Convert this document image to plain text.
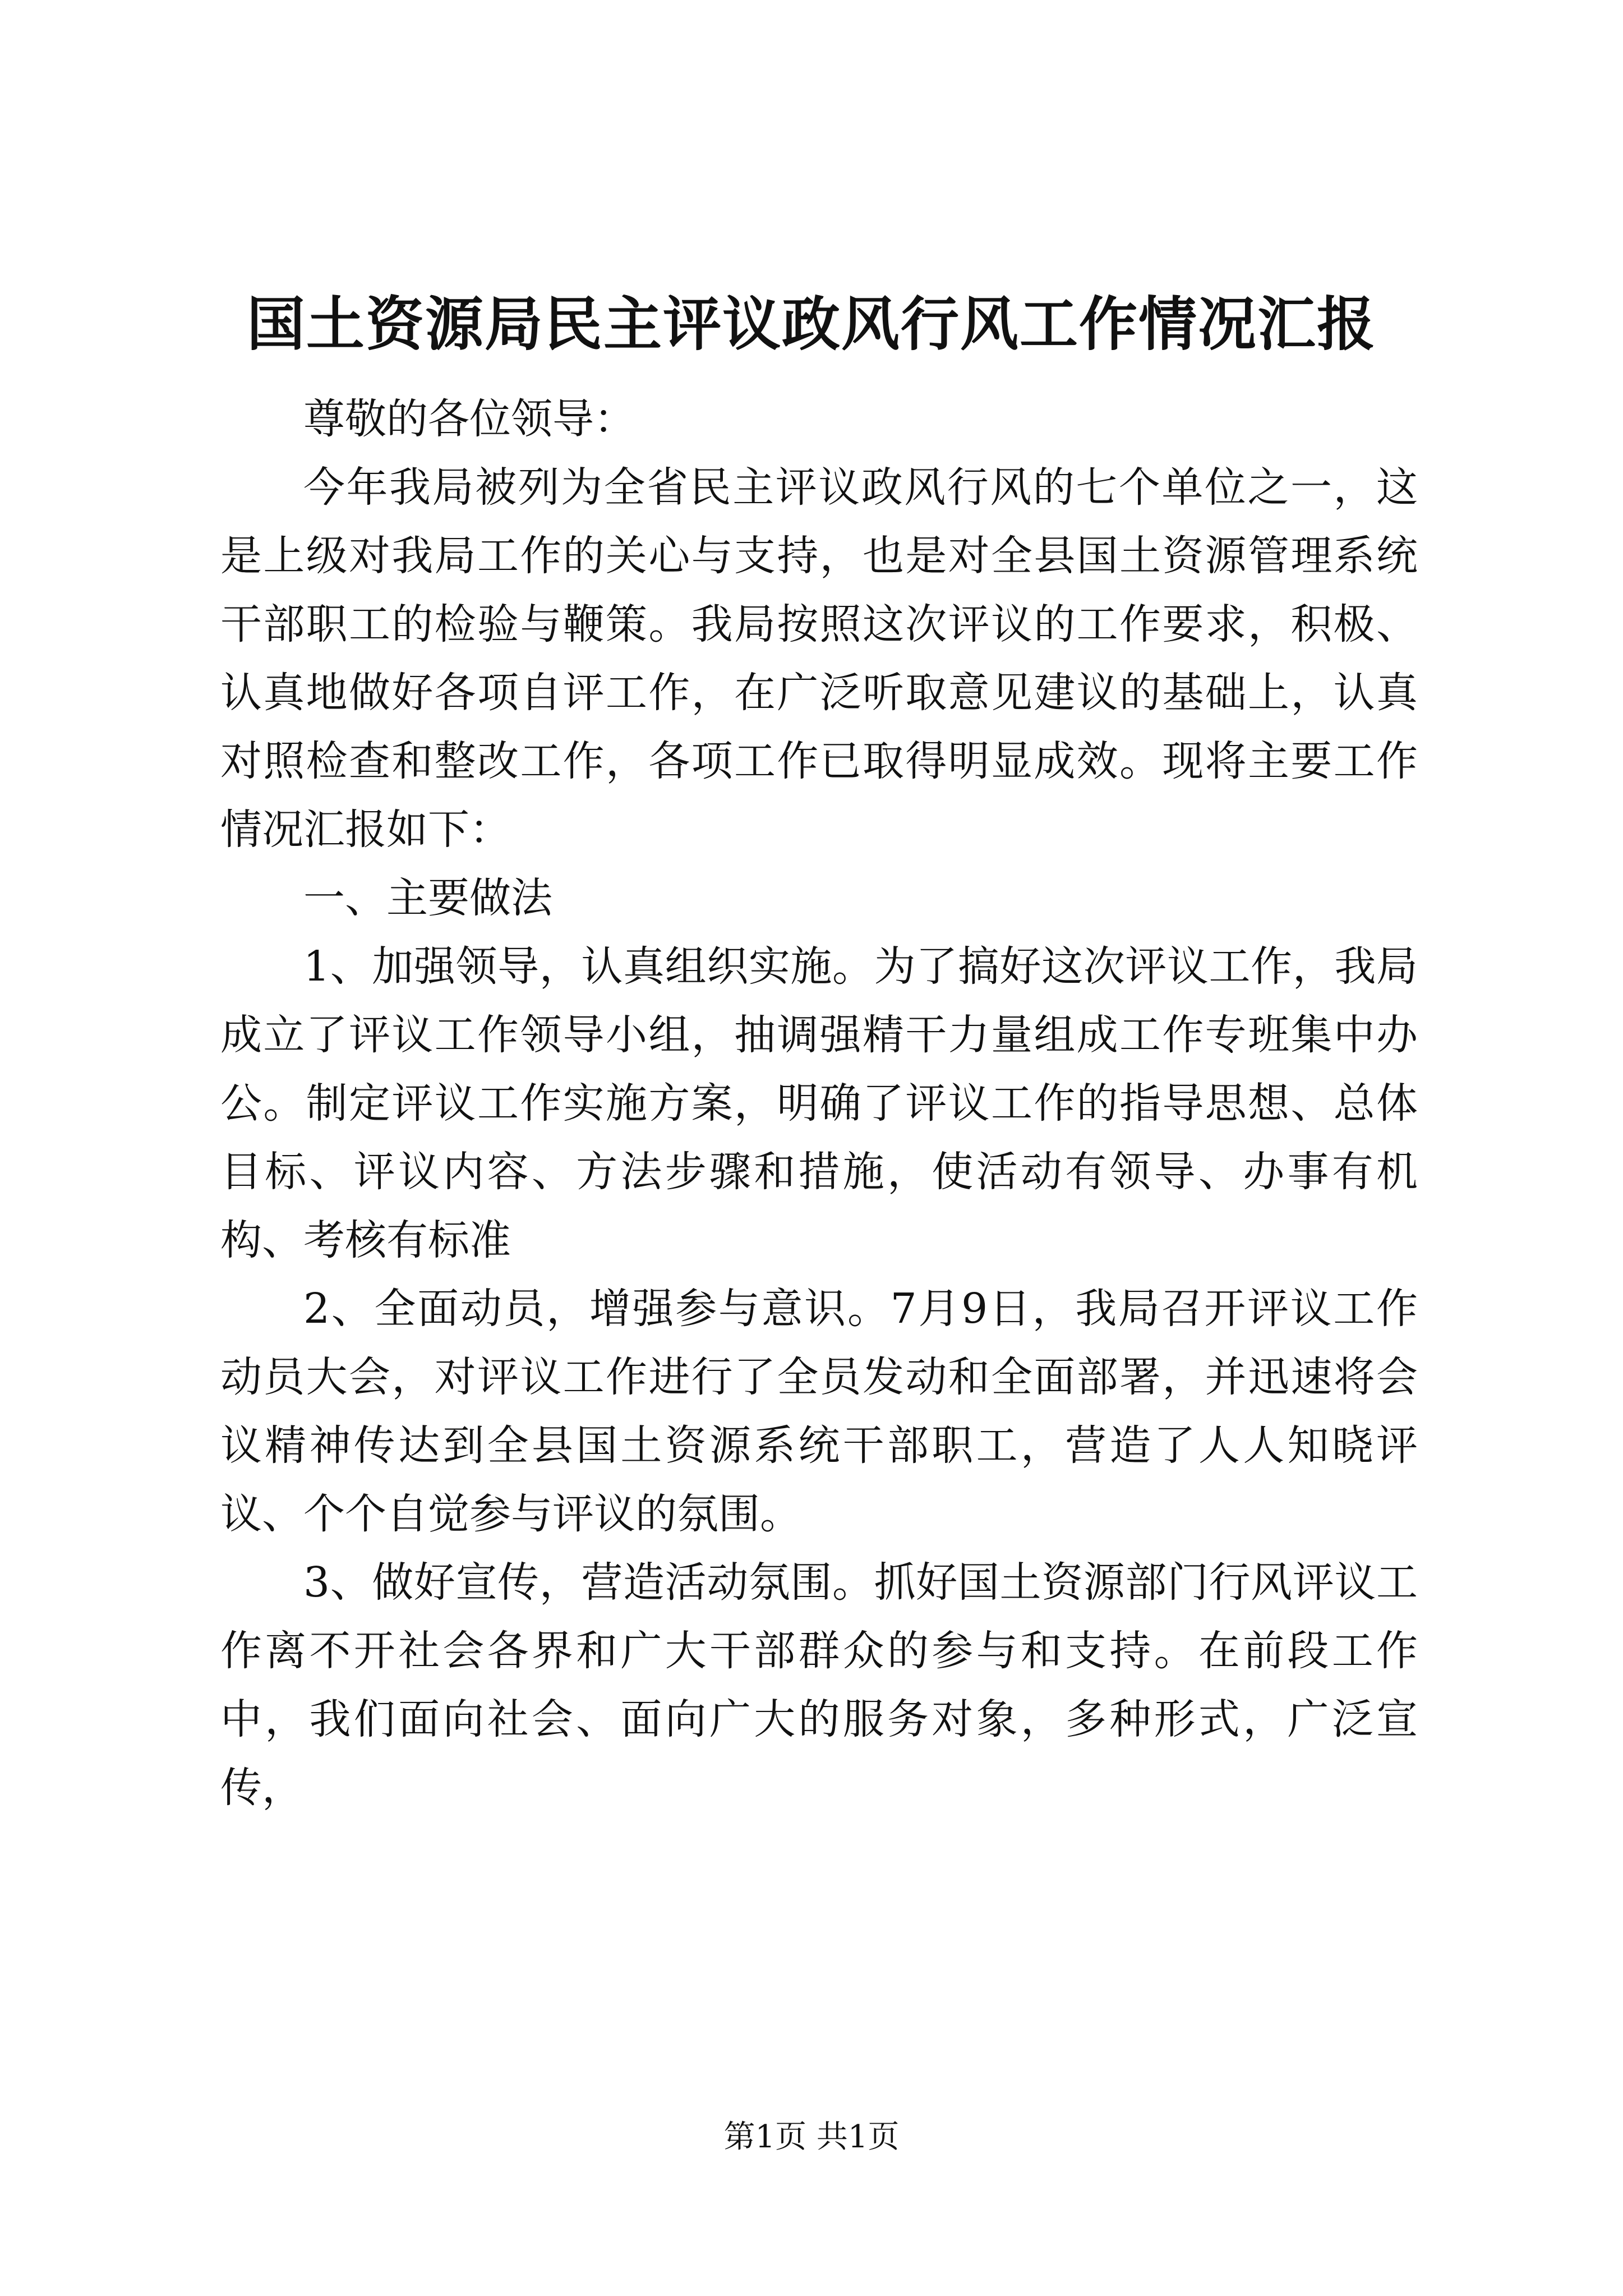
国土资源局民主评议政风行风工作情况汇报

尊敬的各位领导：

今年我局被列为全省民主评议政风行风的七个单位之一，这是上级对我局工作的关心与支持，也是对全县国土资源管理系统干部职工的检验与鞭策。我局按照这次评议的工作要求，积极、认真地做好各项自评工作，在广泛听取意见建议的基础上，认真对照检查和整改工作，各项工作已取得明显成效。现将主要工作情况汇报如下：

一、主要做法

1、加强领导，认真组织实施。为了搞好这次评议工作，我局成立了评议工作领导小组，抽调强精干力量组成工作专班集中办公。制定评议工作实施方案，明确了评议工作的指导思想、总体目标、评议内容、方法步骤和措施，使活动有领导、办事有机构、考核有标准

2、全面动员，增强参与意识。7月9日，我局召开评议工作动员大会，对评议工作进行了全员发动和全面部署，并迅速将会议精神传达到全县国土资源系统干部职工，营造了人人知晓评议、个个自觉参与评议的氛围。

3、做好宣传，营造活动氛围。抓好国土资源部门行风评议工作离不开社会各界和广大干部群众的参与和支持。在前段工作中，我们面向社会、面向广大的服务对象，多种形式，广泛宣传，

第1页 共1页
